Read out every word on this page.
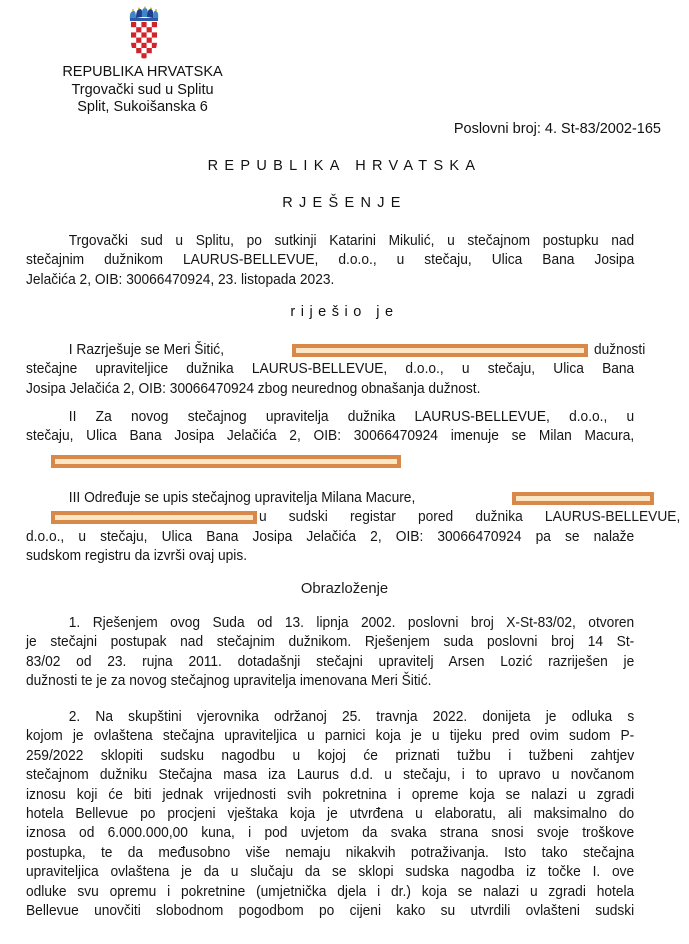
REPUBLIKA HRVATSKA
Trgovački sud u Splitu
Split, Sukoišanska 6
Poslovni broj: 4. St-83/2002-165
REPUBLIKA HRVATSKA
RJEŠENJE
Trgovački sud u Splitu, po sutkinji Katarini Mikulić, u stečajnom postupku nad
stečajnim dužnikom LAURUS-BELLEVUE, d.o.o., u stečaju, Ulica Bana Josipa
Jelačića 2, OIB: 30066470924, 23. listopada 2023.
riješio je
I Razrješuje se Meri Šitić,
stečajne upraviteljice dužnika LAURUS-BELLEVUE, d.o.o., u stečaju, Ulica Bana
Josipa Jelačića 2, OIB: 30066470924 zbog neurednog obnašanja dužnost.
dužnosti
II Za novog stečajnog upravitelja dužnika LAURUS-BELLEVUE, d.o.o., u
stečaju, Ulica Bana Josipa Jelačića 2, OIB: 30066470924 imenuje se Milan Macura,
III Određuje se upis stečajnog upravitelja Milana Macure,
d.o.o., u stečaju, Ulica Bana Josipa Jelačića 2, OIB: 30066470924 pa se nalaže
sudskom registru da izvrši ovaj upis.
u sudski registar pored dužnika LAURUS-BELLEVUE,
Obrazloženje
1. Rješenjem ovog Suda od 13. lipnja 2002. poslovni broj X-St-83/02, otvoren
je stečajni postupak nad stečajnim dužnikom. Rješenjem suda poslovni broj 14 St-
83/02 od 23. rujna 2011. dotadašnji stečajni upravitelj Arsen Lozić razriješen je
dužnosti te je za novog stečajnog upravitelja imenovana Meri Šitić.
2. Na skupštini vjerovnika održanoj 25. travnja 2022. donijeta je odluka s
kojom je ovlaštena stečajna upraviteljica u parnici koja je u tijeku pred ovim sudom P-
259/2022 sklopiti sudsku nagodbu u kojoj će priznati tužbu i tužbeni zahtjev
stečajnom dužniku Stečajna masa iza Laurus d.d. u stečaju, i to upravo u novčanom
iznosu koji će biti jednak vrijednosti svih pokretnina i opreme koja se nalazi u zgradi
hotela Bellevue po procjeni vještaka koja je utvrđena u elaboratu, ali maksimalno do
iznosa od 6.000.000,00 kuna, i pod uvjetom da svaka strana snosi svoje troškove
postupka, te da međusobno više nemaju nikakvih potraživanja. Isto tako stečajna
upraviteljica ovlaštena je da u slučaju da se sklopi sudska nagodba iz točke I. ove
odluke svu opremu i pokretnine (umjetnička djela i dr.) koja se nalazi u zgradi hotela
Bellevue unovčiti slobodnom pogodbom po cijeni kako su utvrdili ovlašteni sudski
